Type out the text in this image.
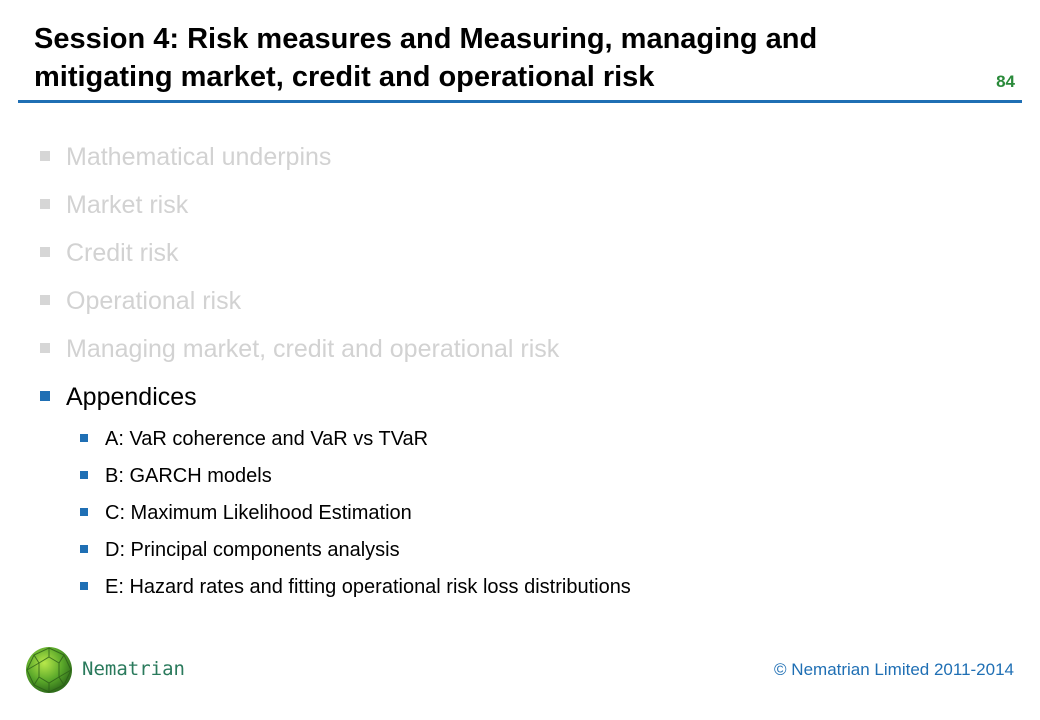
Session 4: Risk measures and Measuring, managing and
mitigating market, credit and operational risk	84
Mathematical underpins
Market risk
Credit risk
Operational risk
Managing market, credit and operational risk
Appendices
A: VaR coherence and VaR vs TVaR
B: GARCH models
C: Maximum Likelihood Estimation
D: Principal components analysis
E: Hazard rates and fitting operational risk loss distributions
Nematrian	© Nematrian Limited 2011-2014
